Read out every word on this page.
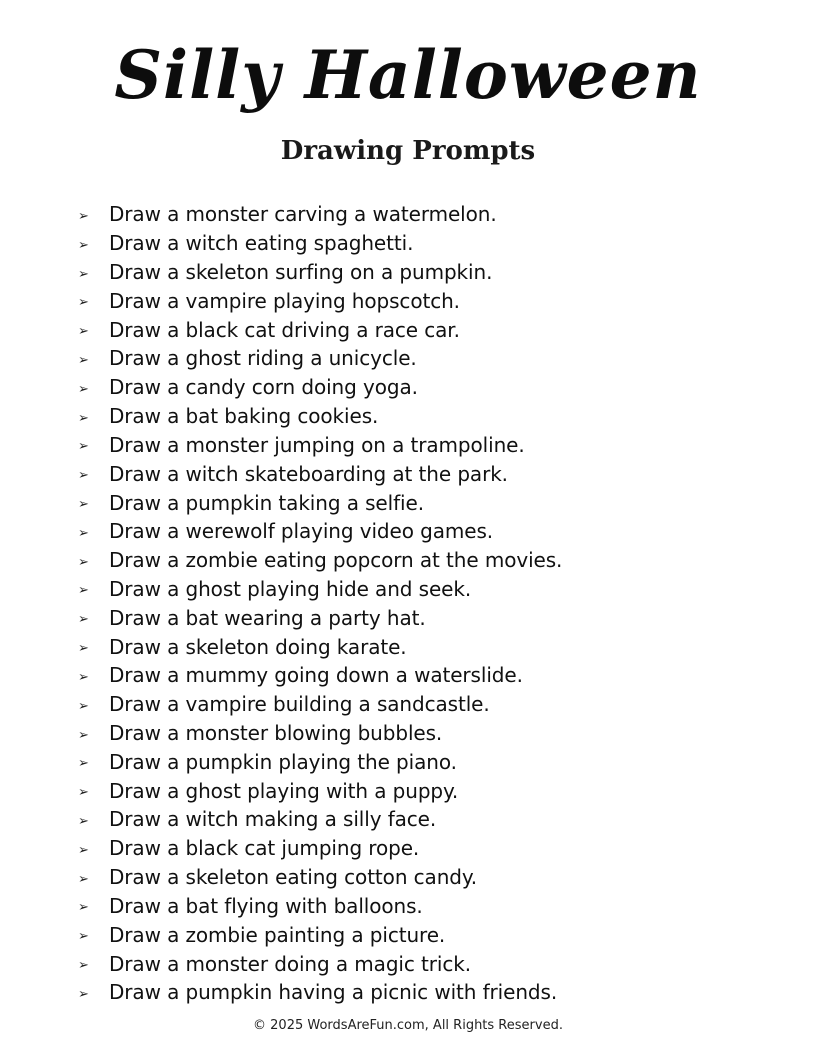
Silly Halloween
Drawing Prompts
➢	Draw a monster carving a watermelon.
➢	Draw a witch eating spaghetti.
➢	Draw a skeleton surfing on a pumpkin.
➢	Draw a vampire playing hopscotch.
➢	Draw a black cat driving a race car.
➢	Draw a ghost riding a unicycle.
➢	Draw a candy corn doing yoga.
➢	Draw a bat baking cookies.
➢	Draw a monster jumping on a trampoline.
➢	Draw a witch skateboarding at the park.
➢	Draw a pumpkin taking a selfie.
➢	Draw a werewolf playing video games.
➢	Draw a zombie eating popcorn at the movies.
➢	Draw a ghost playing hide and seek.
➢	Draw a bat wearing a party hat.
➢	Draw a skeleton doing karate.
➢	Draw a mummy going down a waterslide.
➢	Draw a vampire building a sandcastle.
➢	Draw a monster blowing bubbles.
➢	Draw a pumpkin playing the piano.
➢	Draw a ghost playing with a puppy.
➢	Draw a witch making a silly face.
➢	Draw a black cat jumping rope.
➢	Draw a skeleton eating cotton candy.
➢	Draw a bat flying with balloons.
➢	Draw a zombie painting a picture.
➢	Draw a monster doing a magic trick.
➢	Draw a pumpkin having a picnic with friends.
© 2025 WordsAreFun.com, All Rights Reserved.
